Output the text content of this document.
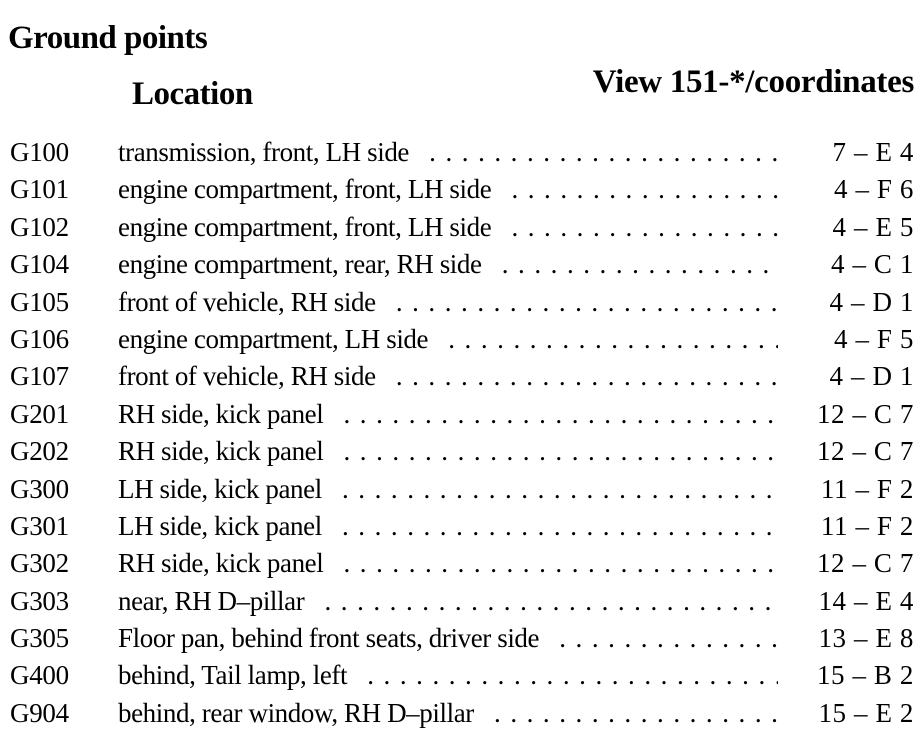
Ground points
Location	View 151-*/coordinates
G100 transmission, front, LH side . . .	7 – E 4
G101 engine compartment, front, LH side . . .	4 – F 6
G102 engine compartment, front, LH side . . .	4 – E 5
G104 engine compartment, rear, RH side . . .	4 – C 1
G105 front of vehicle, RH side . . .	4 – D 1
G106 engine compartment, LH side . . .	4 – F 5
G107 front of vehicle, RH side . . .	4 – D 1
G201 RH side, kick panel . . .	12 – C 7
G202 RH side, kick panel . . .	12 – C 7
G300 LH side, kick panel . . .	11 – F 2
G301 LH side, kick panel . . .	11 – F 2
G302 RH side, kick panel . . .	12 – C 7
G303 near, RH D–pillar . . .	14 – E 4
G305 Floor pan, behind front seats, driver side . . .	13 – E 8
G400 behind, Tail lamp, left . . .	15 – B 2
G904 behind, rear window, RH D–pillar . . .	15 – E 2
